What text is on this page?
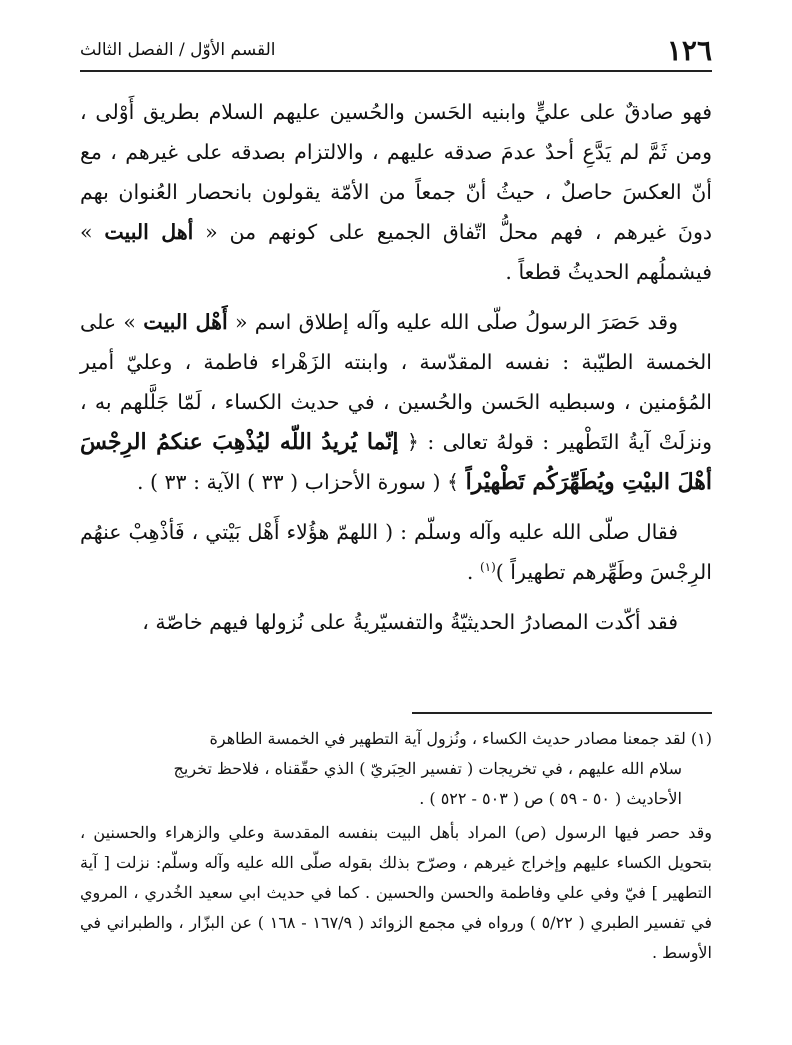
١٢٦
القسم الأوّل / الفصل الثالث

فهو صادقٌ على عليٍّ وابنيه الحَسن والحُسين عليهم السلام بطريق أَوْلى ، ومن ثَمَّ لم يَدَّعِ أحدٌ عدمَ صدقه عليهم ، والالتزام بصدقه على غيرهم ، مع أنّ العكسَ حاصلٌ ، حيثُ أنّ جمعاً من الأمّة يقولون بانحصار العُنوان بهم دونَ غيرهم ، فهم محلُّ اتّفاق الجميع على كونهم من « أهل البيت » فيشملُهم الحديثُ قطعاً .

وقد حَصَرَ الرسولُ صلّى الله عليه وآله إطلاق اسم « أَهْل البيت » على الخمسة الطيّبة : نفسه المقدّسة ، وابنته الزَهْراء فاطمة ، وعليّ أمير المُؤمنين ، وسبطيه الحَسن والحُسين ، في حديث الكساء ، لَمّا جَلَّلهم به ، ونزلَتْ آيةُ التَطْهير : قولهُ تعالى : ﴿ إنّما يُريدُ اللّه ليُذْهِبَ عنكمُ الرِجْسَ أهْلَ البيْتِ ويُطَهِّرَكُم تَطْهيْراً ﴾ ( سورة الأحزاب ( ٣٣ ) الآية : ٣٣ ) .

فقال صلّى الله عليه وآله وسلّم : ( اللهمّ هؤُلاء أَهْل بَيْتي ، فَأذْهِبْ عنهُم الرِجْسَ وطَهِّرهم تطهيراً )$^{(١)}$ .

فقد أكّدت المصادرُ الحديثيّةُ والتفسيّريةُ على نُزولها فيهم خاصّة ،

(١) لقد جمعنا مصادر حديث الكساء ، ونُزول آية التطهير في الخمسة الطاهرة

سلام الله عليهم ، في تخريجات ( تفسير الحِبَريّ ) الذي حقّقناه ، فلاحظ تخريج

الأحاديث ( ٥٠ - ٥٩ ) ص ( ٥٠٣ - ٥٢٢ ) .

وقد حصر فيها الرسول (ص) المراد بأهل البيت بنفسه المقدسة وعلي والزهراء والحسنين ، بتحويل الكساء عليهم وإخراج غيرهم ، وصرّح بذلك بقوله صلّى الله عليه وآله وسلّم: نزلت [ آية التطهير ] فيّ وفي علي وفاطمة والحسن والحسين . كما في حديث ابي سعيد الخُدري ، المروي في تفسير الطبري ( ٥/٢٢ ) ورواه في مجمع الزوائد ( ١٦٧/٩ - ١٦٨ ) عن البزّار ، والطبراني في الأوسط .
